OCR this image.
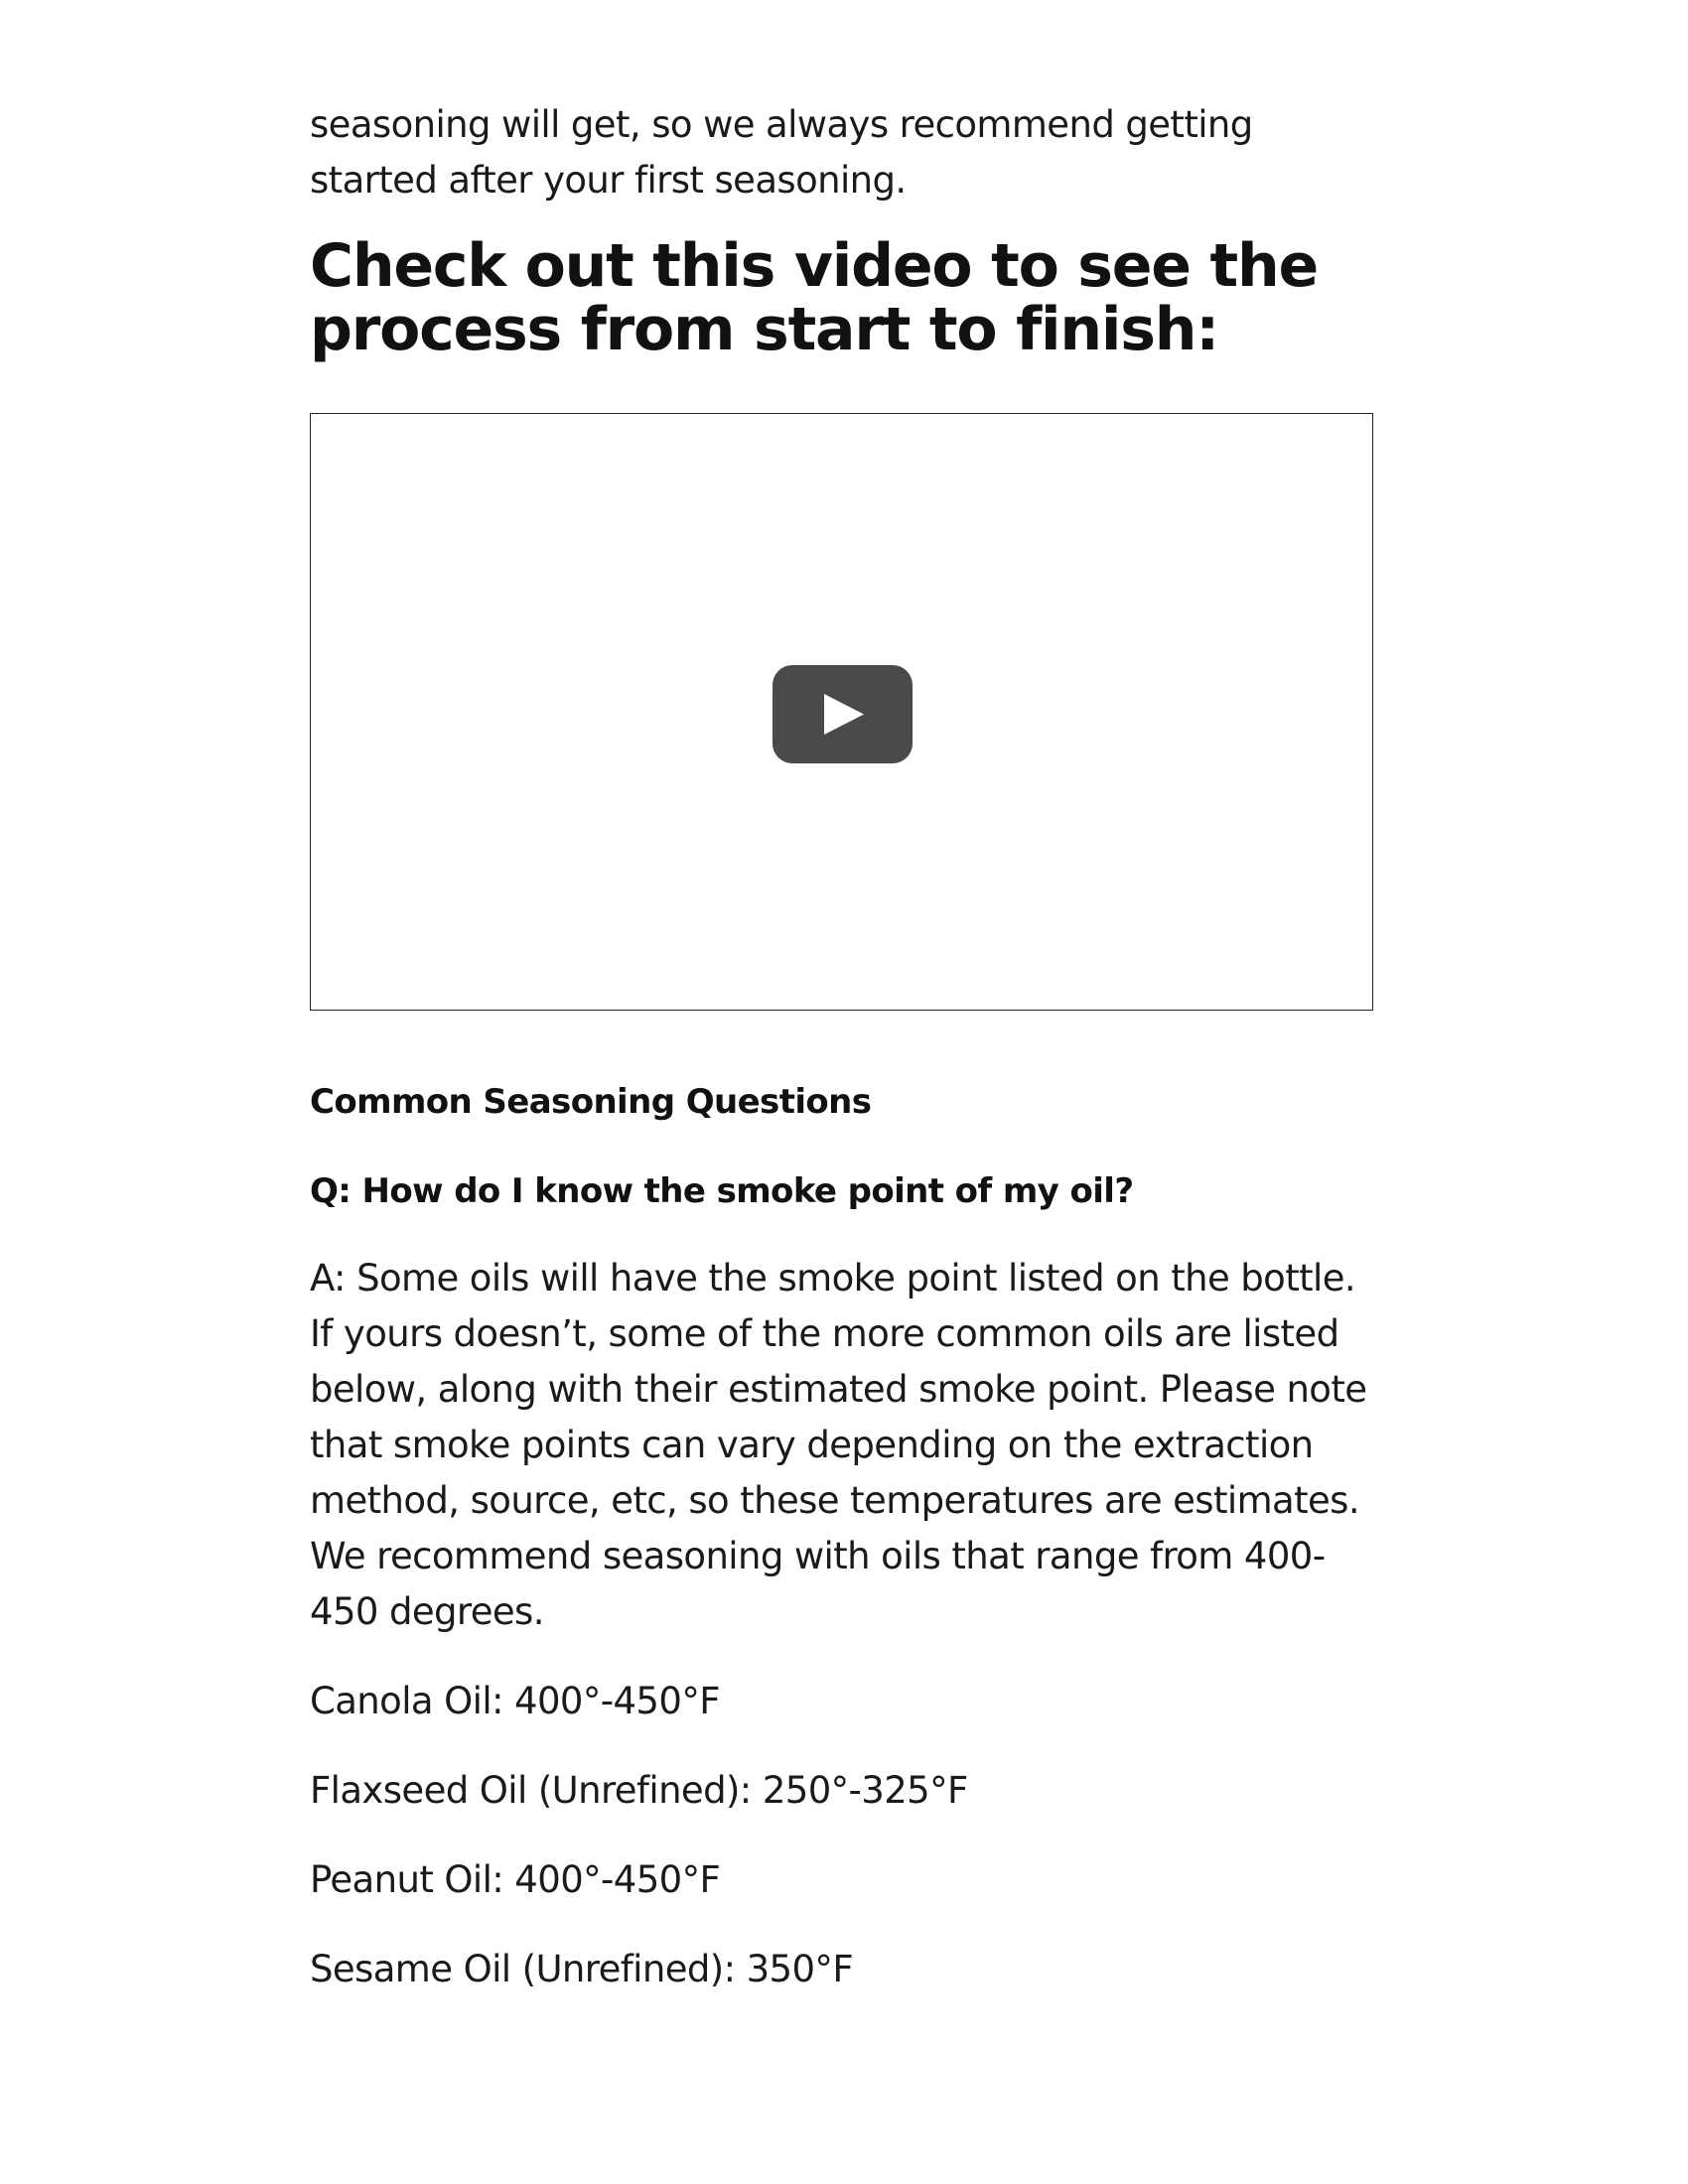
seasoning will get, so we always recommend getting started after your first seasoning.

Check out this video to see the process from start to finish:
Common Seasoning Questions

Q: How do I know the smoke point of my oil?

A: Some oils will have the smoke point listed on the bottle. If yours doesn’t, some of the more common oils are listed below, along with their estimated smoke point. Please note that smoke points can vary depending on the extraction method, source, etc, so these temperatures are estimates. We recommend seasoning with oils that range from 400-450 degrees.

Canola Oil: 400°-450°F
Flaxseed Oil (Unrefined): 250°-325°F
Peanut Oil: 400°-450°F
Sesame Oil (Unrefined): 350°F
